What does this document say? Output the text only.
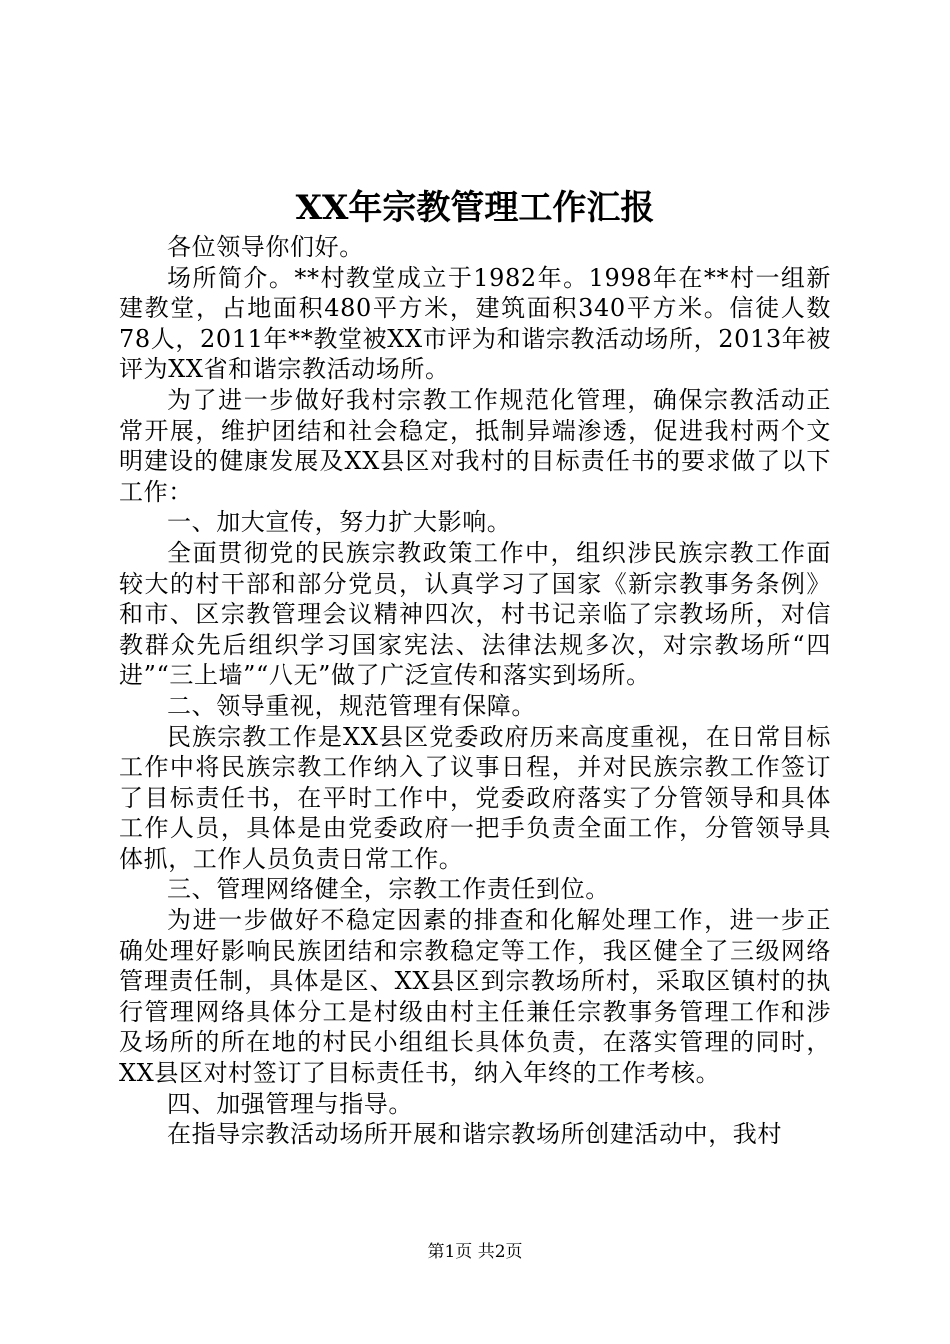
XX年宗教管理工作汇报

各位领导你们好。

场所简介。**村教堂成立于1982年。1998年在**村一组新建教堂，占地面积480平方米，建筑面积340平方米。信徒人数78人，2011年**教堂被XX市评为和谐宗教活动场所，2013年被评为XX省和谐宗教活动场所。

为了进一步做好我村宗教工作规范化管理，确保宗教活动正常开展，维护团结和社会稳定，抵制异端渗透，促进我村两个文明建设的健康发展及XX县区对我村的目标责任书的要求做了以下工作：

一、加大宣传，努力扩大影响。

全面贯彻党的民族宗教政策工作中，组织涉民族宗教工作面较大的村干部和部分党员，认真学习了国家《新宗教事务条例》和市、区宗教管理会议精神四次，村书记亲临了宗教场所，对信教群众先后组织学习国家宪法、法律法规多次，对宗教场所“四进”“三上墙”“八无”做了广泛宣传和落实到场所。

二、领导重视，规范管理有保障。

民族宗教工作是XX县区党委政府历来高度重视，在日常目标工作中将民族宗教工作纳入了议事日程，并对民族宗教工作签订了目标责任书，在平时工作中，党委政府落实了分管领导和具体工作人员，具体是由党委政府一把手负责全面工作，分管领导具体抓，工作人员负责日常工作。

三、管理网络健全，宗教工作责任到位。

为进一步做好不稳定因素的排查和化解处理工作，进一步正确处理好影响民族团结和宗教稳定等工作，我区健全了三级网络管理责任制，具体是区、XX县区到宗教场所村，采取区镇村的执行管理网络具体分工是村级由村主任兼任宗教事务管理工作和涉及场所的所在地的村民小组组长具体负责，在落实管理的同时，XX县区对村签订了目标责任书，纳入年终的工作考核。

四、加强管理与指导。

在指导宗教活动场所开展和谐宗教场所创建活动中，我村

第1页 共2页
